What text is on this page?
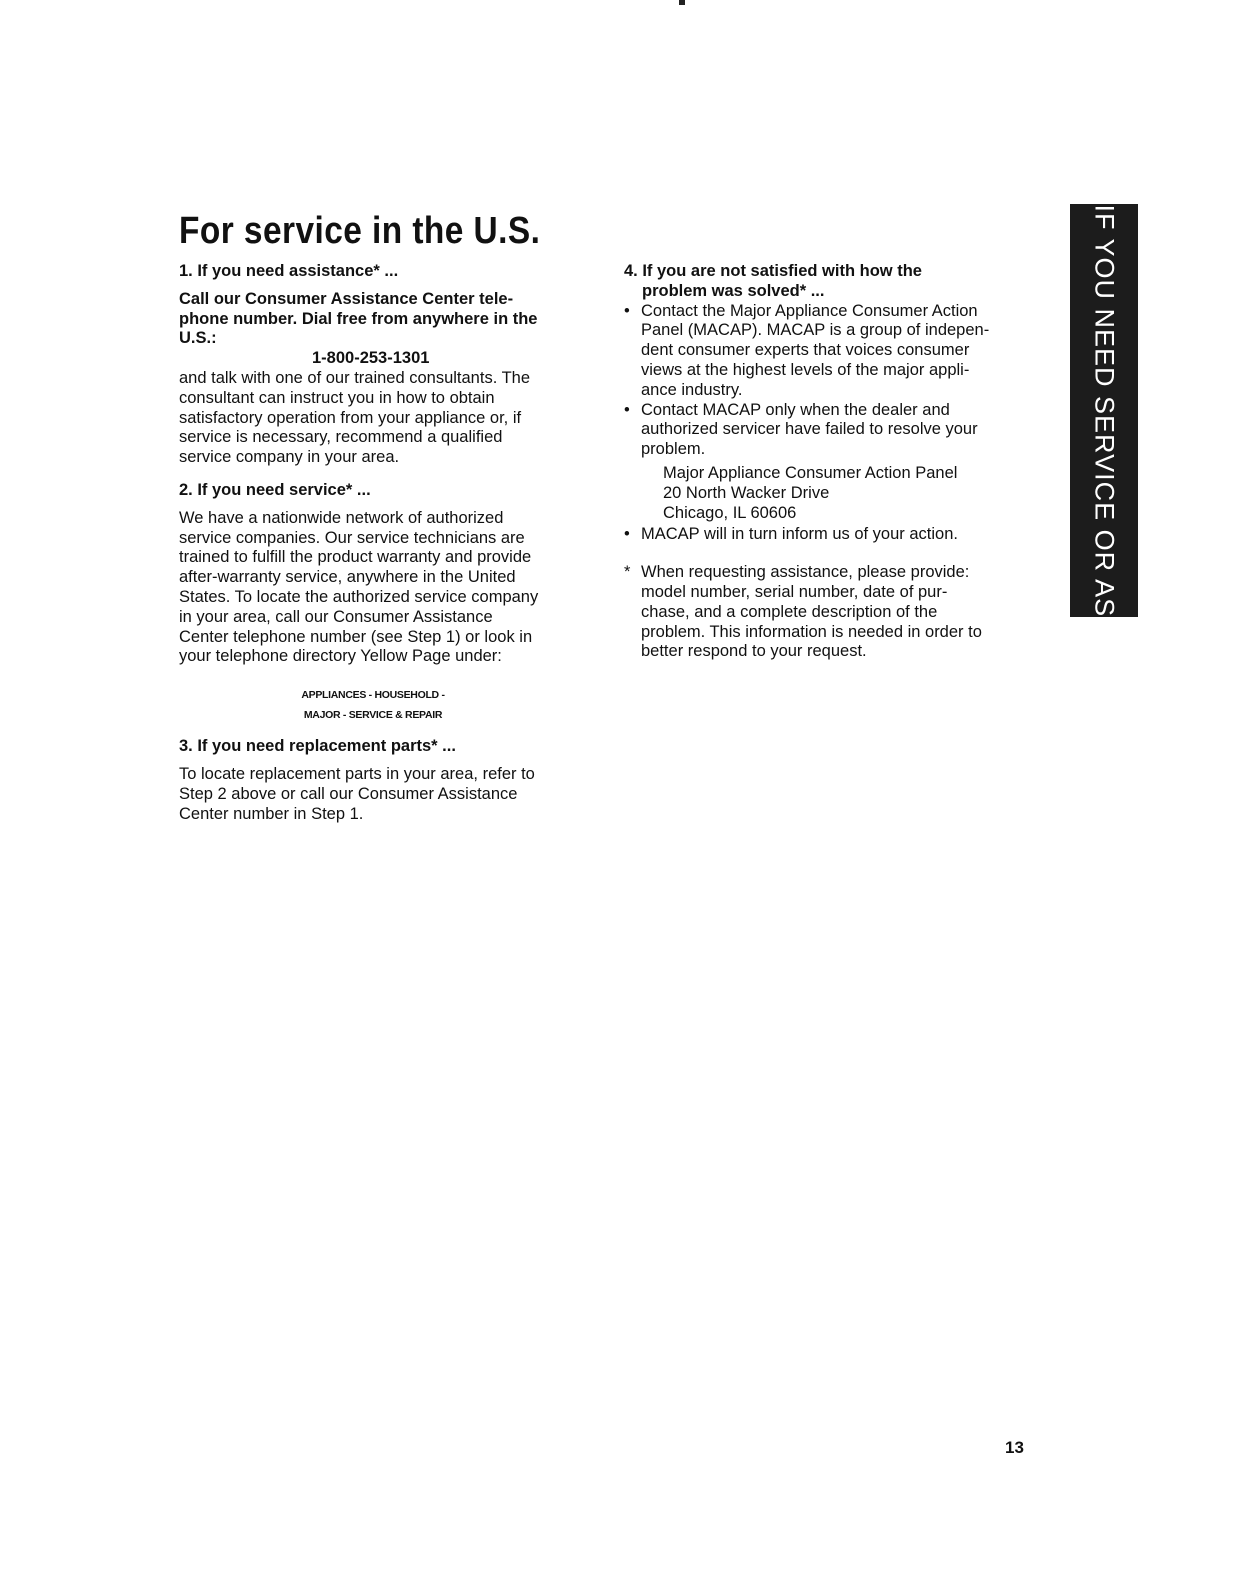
For service in the U.S.

1. If you need assistance* ...

Call our Consumer Assistance Center tele-

phone number. Dial free from anywhere in the

U.S.:

1-800-253-1301

and talk with one of our trained consultants. The

consultant can instruct you in how to obtain

satisfactory operation from your appliance or, if

service is necessary, recommend a qualified

service company in your area.

2. If you need service* ...

We have a nationwide network of authorized

service companies. Our service technicians are

trained to fulfill the product warranty and provide

after-warranty service, anywhere in the United

States. To locate the authorized service company

in your area, call our Consumer Assistance

Center telephone number (see Step 1) or look in

your telephone directory Yellow Page under:

APPLIANCES - HOUSEHOLD -
MAJOR - SERVICE & REPAIR

3. If you need replacement parts* ...

To locate replacement parts in your area, refer to

Step 2 above or call our Consumer Assistance

Center number in Step 1.

4. If you are not satisfied with how the
problem was solved* ...

• Contact the Major Appliance Consumer Action
Panel (MACAP). MACAP is a group of indepen-
dent consumer experts that voices consumer
views at the highest levels of the major appli-
ance industry.
• Contact MACAP only when the dealer and
authorized servicer have failed to resolve your
problem.
Major Appliance Consumer Action Panel
20 North Wacker Drive
Chicago, IL 60606
• MACAP will in turn inform us of your action.
* When requesting assistance, please provide:
model number, serial number, date of pur-
chase, and a complete description of the
problem. This information is needed in order to
better respond to your request.	IF YOU NEED SERVICE OR ASSISTANCE
13
